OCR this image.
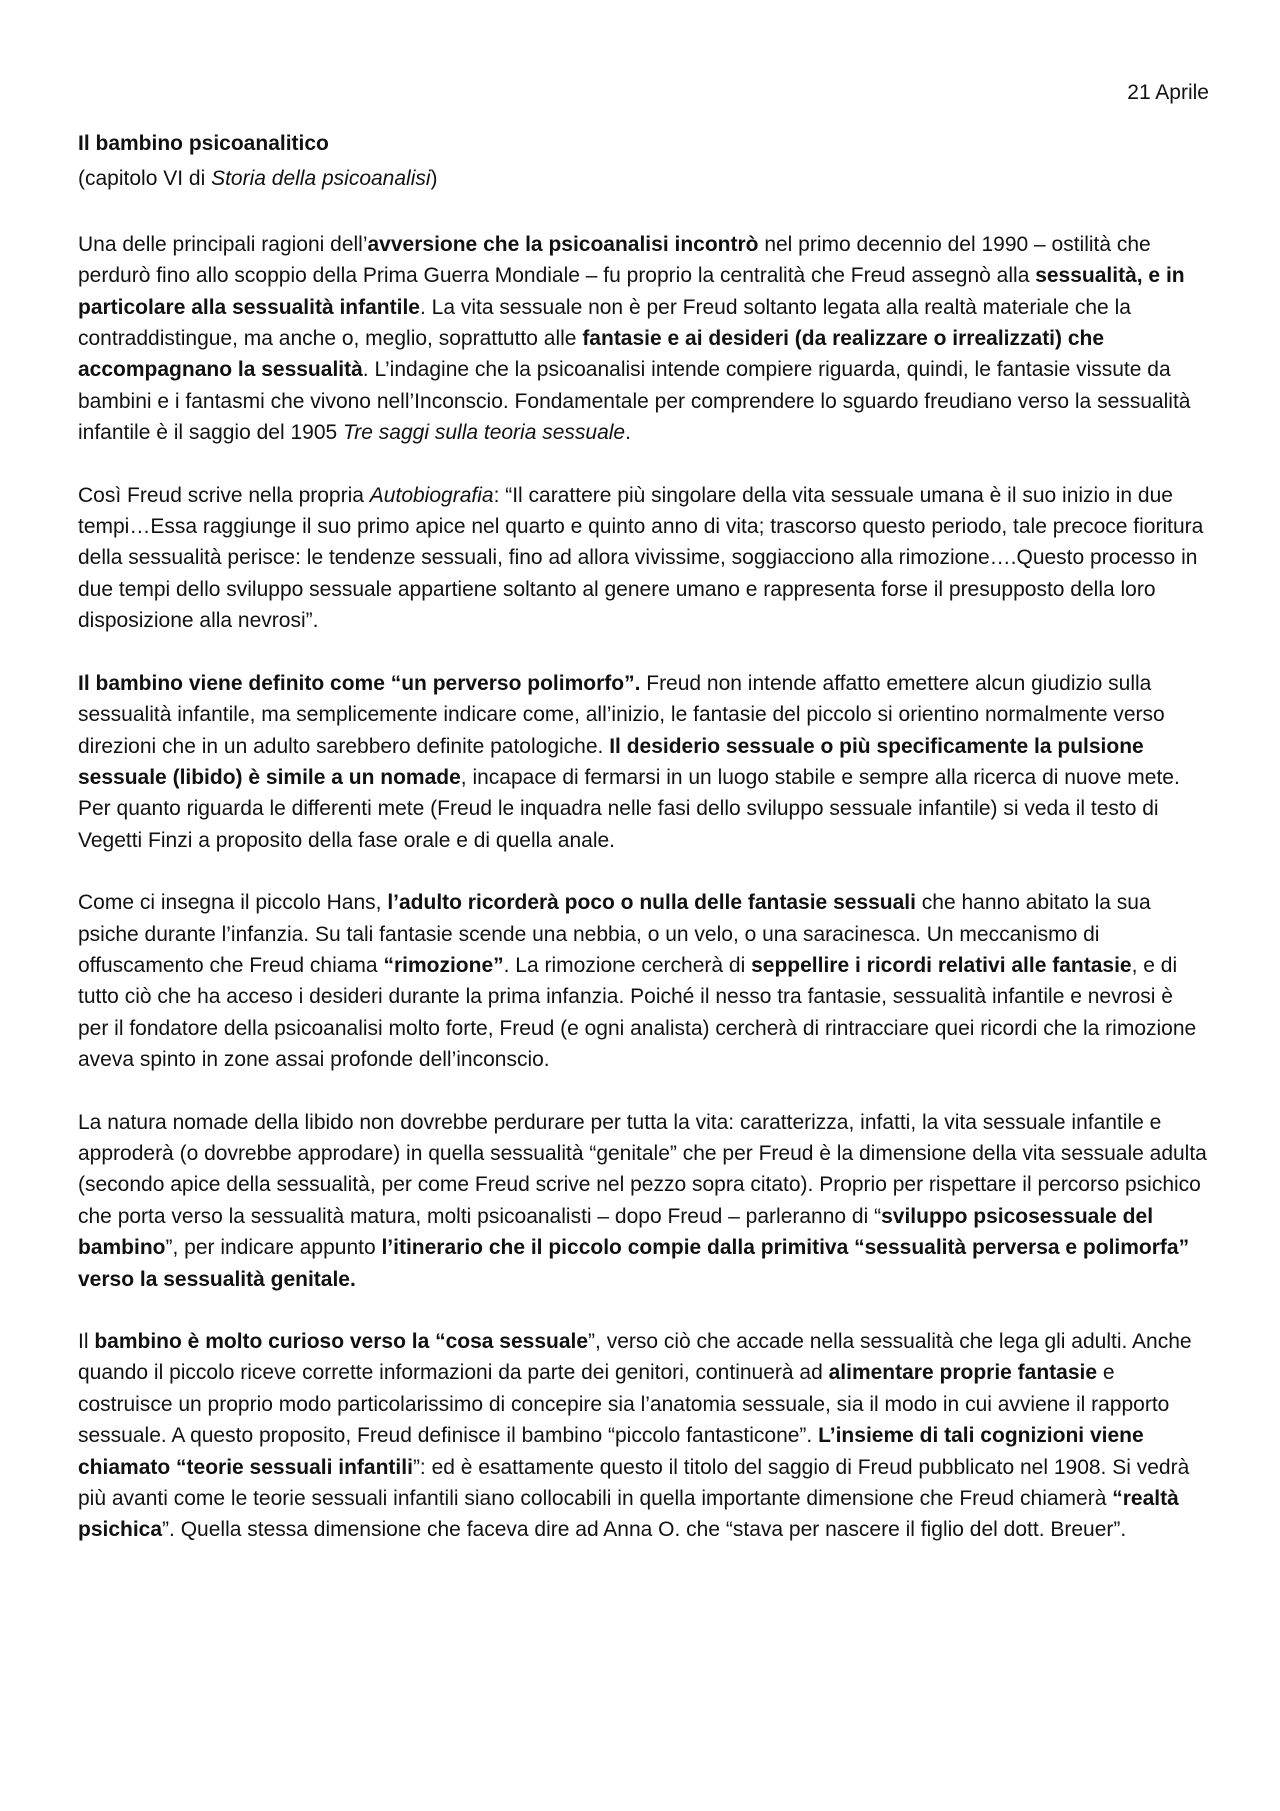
21 Aprile

Il bambino psicoanalitico

(capitolo VI di Storia della psicoanalisi)

Una delle principali ragioni dell’avversione che la psicoanalisi incontrò nel primo decennio del 1990 – ostilità che perdurò fino allo scoppio della Prima Guerra Mondiale – fu proprio la centralità che Freud assegnò alla sessualità, e in particolare alla sessualità infantile. La vita sessuale non è per Freud soltanto legata alla realtà materiale che la contraddistingue, ma anche o, meglio, soprattutto alle fantasie e ai desideri (da realizzare o irrealizzati) che accompagnano la sessualità. L’indagine che la psicoanalisi intende compiere riguarda, quindi, le fantasie vissute da bambini e i fantasmi che vivono nell’Inconscio. Fondamentale per comprendere lo sguardo freudiano verso la sessualità infantile è il saggio del 1905 Tre saggi sulla teoria sessuale.

Così Freud scrive nella propria Autobiografia: “Il carattere più singolare della vita sessuale umana è il suo inizio in due tempi…Essa raggiunge il suo primo apice nel quarto e quinto anno di vita; trascorso questo periodo, tale precoce fioritura della sessualità perisce: le tendenze sessuali, fino ad allora vivissime, soggiacciono alla rimozione….Questo processo in due tempi dello sviluppo sessuale appartiene soltanto al genere umano e rappresenta forse il presupposto della loro disposizione alla nevrosi”.

Il bambino viene definito come “un perverso polimorfo”. Freud non intende affatto emettere alcun giudizio sulla sessualità infantile, ma semplicemente indicare come, all’inizio, le fantasie del piccolo si orientino normalmente verso direzioni che in un adulto sarebbero definite patologiche. Il desiderio sessuale o più specificamente la pulsione sessuale (libido) è simile a un nomade, incapace di fermarsi in un luogo stabile e sempre alla ricerca di nuove mete. Per quanto riguarda le differenti mete (Freud le inquadra nelle fasi dello sviluppo sessuale infantile) si veda il testo di Vegetti Finzi a proposito della fase orale e di quella anale.

Come ci insegna il piccolo Hans, l’adulto ricorderà poco o nulla delle fantasie sessuali che hanno abitato la sua psiche durante l’infanzia. Su tali fantasie scende una nebbia, o un velo, o una saracinesca. Un meccanismo di offuscamento che Freud chiama “rimozione”. La rimozione cercherà di seppellire i ricordi relativi alle fantasie, e di tutto ciò che ha acceso i desideri durante la prima infanzia. Poiché il nesso tra fantasie, sessualità infantile e nevrosi è per il fondatore della psicoanalisi molto forte, Freud (e ogni analista) cercherà di rintracciare quei ricordi che la rimozione aveva spinto in zone assai profonde dell’inconscio.

La natura nomade della libido non dovrebbe perdurare per tutta la vita: caratterizza, infatti, la vita sessuale infantile e approderà (o dovrebbe approdare) in quella sessualità “genitale” che per Freud è la dimensione della vita sessuale adulta (secondo apice della sessualità, per come Freud scrive nel pezzo sopra citato). Proprio per rispettare il percorso psichico che porta verso la sessualità matura, molti psicoanalisti – dopo Freud – parleranno di “sviluppo psicosessuale del bambino”, per indicare appunto l’itinerario che il piccolo compie dalla primitiva “sessualità perversa e polimorfa” verso la sessualità genitale.

Il bambino è molto curioso verso la “cosa sessuale”, verso ciò che accade nella sessualità che lega gli adulti. Anche quando il piccolo riceve corrette informazioni da parte dei genitori, continuerà ad alimentare proprie fantasie e costruisce un proprio modo particolarissimo di concepire sia l’anatomia sessuale, sia il modo in cui avviene il rapporto sessuale. A questo proposito, Freud definisce il bambino “piccolo fantasticone”. L’insieme di tali cognizioni viene chiamato “teorie sessuali infantili”: ed è esattamente questo il titolo del saggio di Freud pubblicato nel 1908. Si vedrà più avanti come le teorie sessuali infantili siano collocabili in quella importante dimensione che Freud chiamerà “realtà psichica”. Quella stessa dimensione che faceva dire ad Anna O. che “stava per nascere il figlio del dott. Breuer”.
